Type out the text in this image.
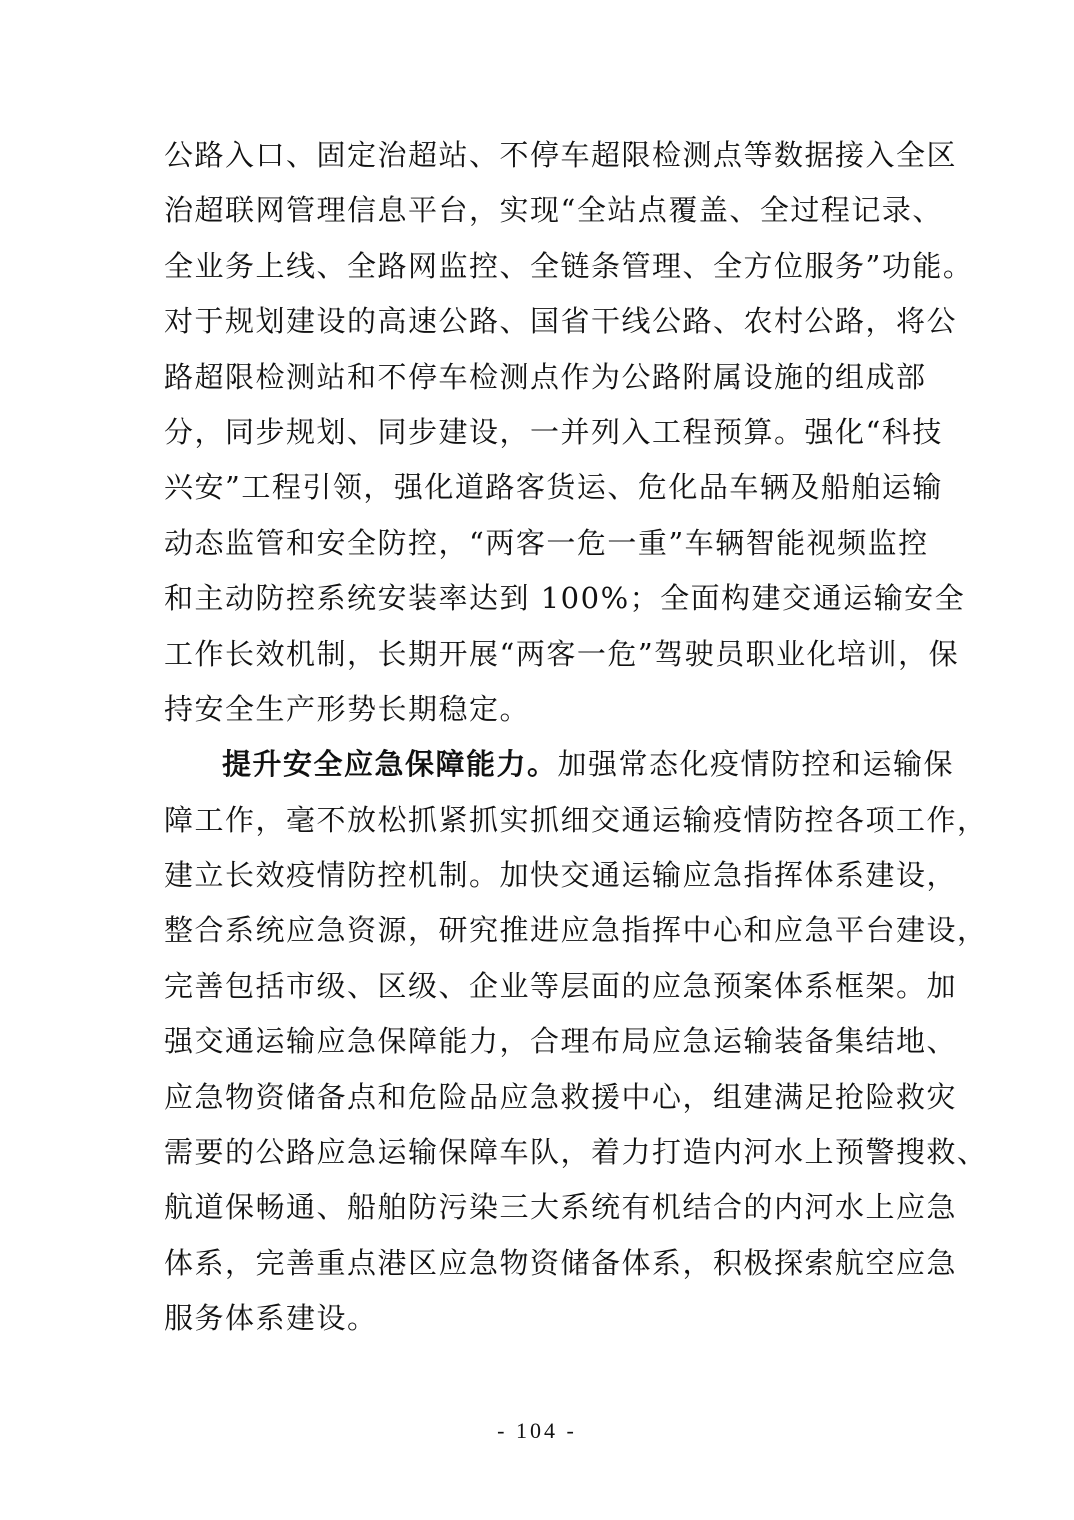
公路入口、固定治超站、不停车超限检测点等数据接入全区
治超联网管理信息平台，实现“全站点覆盖、全过程记录、
全业务上线、全路网监控、全链条管理、全方位服务”功能。
对于规划建设的高速公路、国省干线公路、农村公路，将公
路超限检测站和不停车检测点作为公路附属设施的组成部
分，同步规划、同步建设，一并列入工程预算。强化“科技
兴安”工程引领，强化道路客货运、危化品车辆及船舶运输
动态监管和安全防控，“两客一危一重”车辆智能视频监控
和主动防控系统安装率达到 100%；全面构建交通运输安全
工作长效机制，长期开展“两客一危”驾驶员职业化培训，保
持安全生产形势长期稳定。
提升安全应急保障能力。加强常态化疫情防控和运输保
障工作，毫不放松抓紧抓实抓细交通运输疫情防控各项工作，
建立长效疫情防控机制。加快交通运输应急指挥体系建设，
整合系统应急资源，研究推进应急指挥中心和应急平台建设，
完善包括市级、区级、企业等层面的应急预案体系框架。加
强交通运输应急保障能力，合理布局应急运输装备集结地、
应急物资储备点和危险品应急救援中心，组建满足抢险救灾
需要的公路应急运输保障车队，着力打造内河水上预警搜救、
航道保畅通、船舶防污染三大系统有机结合的内河水上应急
体系，完善重点港区应急物资储备体系，积极探索航空应急
服务体系建设。
- 104 -
